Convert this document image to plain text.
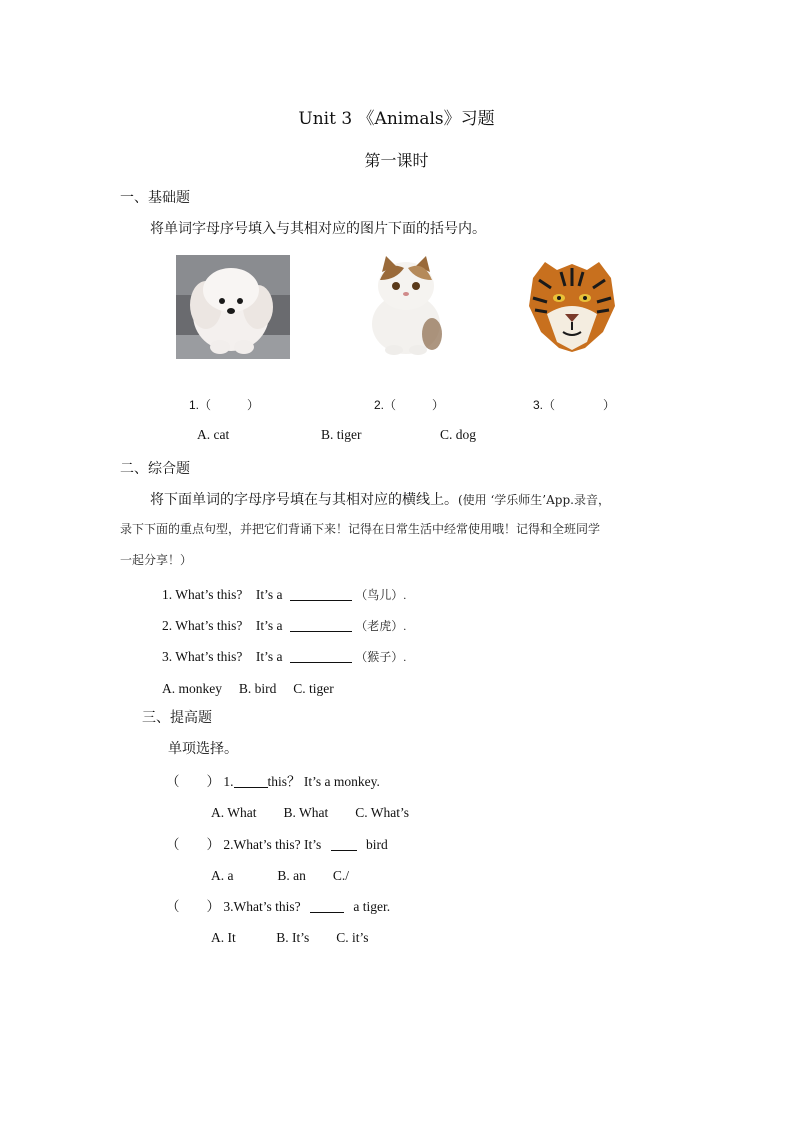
Unit 3 《Animals》习题
第一课时
一、基础题
将单词字母序号填入与其相对应的图片下面的括号内。
1.（　　　）	2.（　　　）	3.（　　　　）
A. cat	B. tiger	C. dog
二、综合题
将下面单词的字母序号填在与其相对应的横线上。(使用 ‘学乐师生’App.录音，
录下下面的重点句型，并把它们背诵下来！记得在日常生活中经常使用哦！记得和全班同学
一起分享！）
1. What’s this?　It’s a	（鸟儿）.
2. What’s this?　It’s a	（老虎）.
3. What’s this?　It’s a	（猴子）.
A. monkey　 B. bird　 C. tiger
三、提高题
单项选择。
（　　） 1.	this？ It’s a monkey.
A. What　　B. What　　C. What’s
（　　） 2.What’s this? It’s	bird
A. a　　　 B. an　　C./
（　　） 3.What’s this?	a tiger.
A. It　　　B. It’s　　C. it’s
